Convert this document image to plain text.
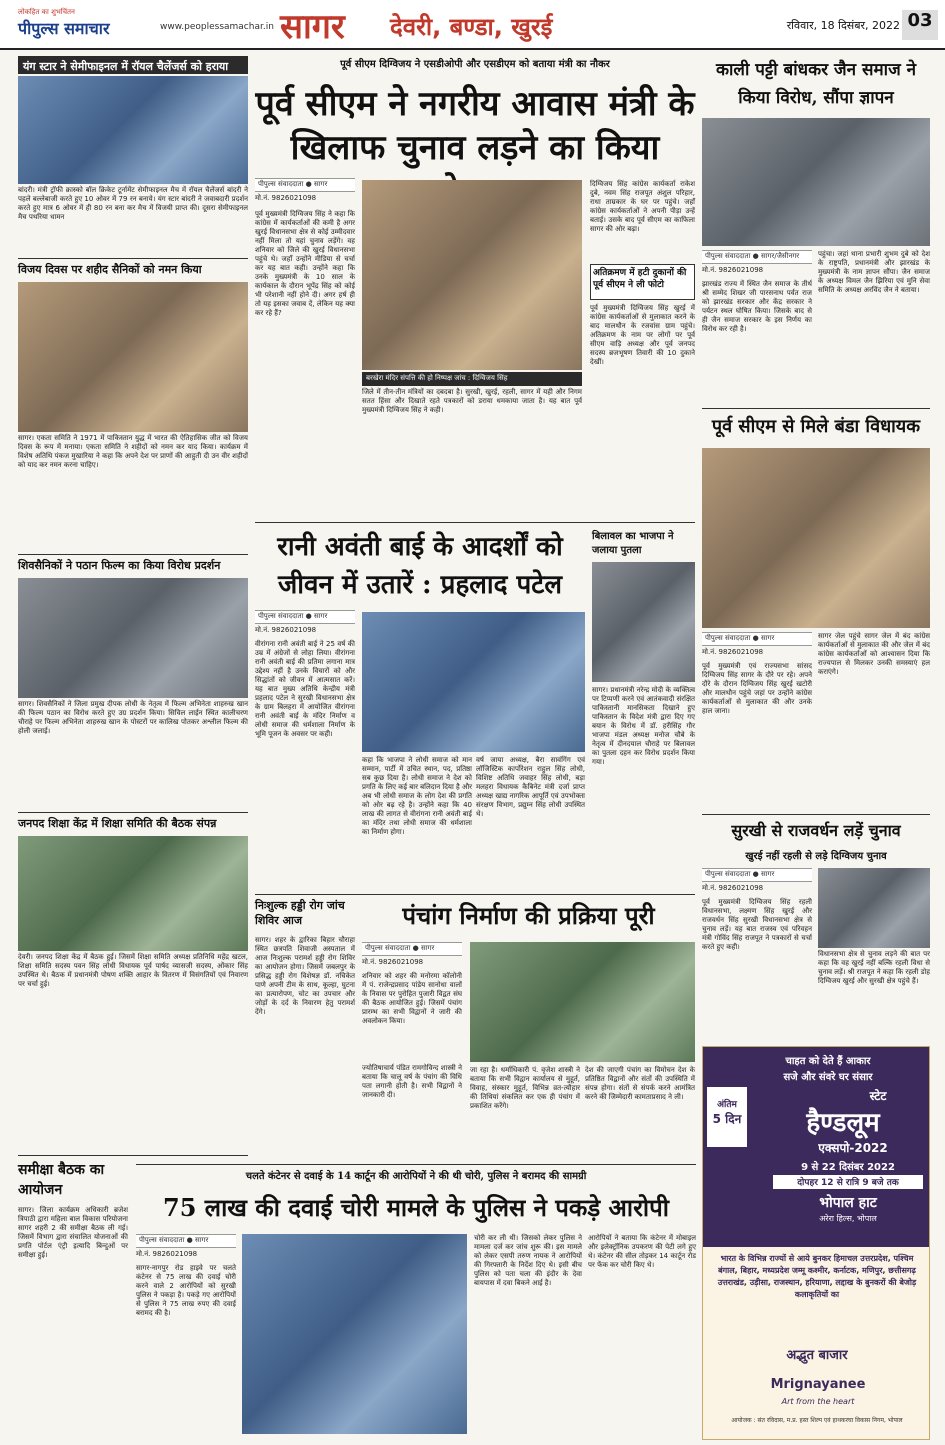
लोकहित का शुभचिंतन
पीपुल्स समाचार	www.peoplessamachar.in सागर	देवरी, बण्डा, खुरई	रविवार, 18 दिसंबर, 2022 03
यंग स्टार ने सेमीफाइनल में रॉयल चैलेंजर्स को हराया
बांदरी। मंत्री ट्रॉफी क्रास्को बॉल क्रिकेट टूर्नामेंट सेमीफाइनल मैच में रॉयल चैलेंजर्स बांदरी ने पहले बल्लेबाजी करते हुए 10 ओवर में 79 रन बनाये। यंग स्टार बांदरी ने जवाबदारी प्रदर्शन करते हुए मात्र 6 ओवर में ही 80 रन बना कर मैच में विजयी प्राप्त की। दूसरा सेमीफाइनल मैच पथरिया धामन
विजय दिवस पर शहीद सैनिकों को नमन किया
सागर। एकता समिति ने 1971 में पाकिस्तान युद्ध में भारत की ऐतिहासिक जीत को विजय दिवस के रूप में मनाया। एकता समिति ने शहीदों को नमन कर याद किया। कार्यक्रम में विशेष अतिथि पंकज मुखारिया ने कहा कि अपने देश पर प्राणों की आहुती दी उन वीर शहीदों को याद कर नमन करना चाहिए।
शिवसैनिकों ने पठान फिल्म का किया विरोध प्रदर्शन
सागर। शिवसैनिकों ने जिला प्रमुख दीपक लोधी के नेतृत्व में फिल्म अभिनेता शाहरुख खान की फिल्म पठान का विरोध करते हुए उग्र प्रदर्शन किया। सिविल लाईन स्थित कालीचरण चौराहे पर फिल्म अभिनेता शाहरुख खान के पोस्टरों पर कालिख पोतकर अश्लील फिल्म की होली जलाई।
जनपद शिक्षा केंद्र में शिक्षा समिति की बैठक संपन्न
देवरी। जनपद शिक्षा केंद्र में बैठक हुई। जिसमें शिक्षा समिति अध्यक्ष प्रतिनिधि महेंद्र खटल, शिक्षा समिति सदस्य पवन सिंह लोधी विधायक पूर्व पार्षद व्यासजी सदस्य, ओंकार सिंह उपस्थित थे। बैठक में प्रधानमंत्री पोषण शक्ति आहार के वितरण में विसंगतियों एवं निवारण पर चर्चा हुई।
समीक्षा बैठक का आयोजन
सागर। जिला कार्यक्रम अधिकारी ब्रजेश त्रिपाठी द्वारा महिला बाल विकास परियोजना सागर शहरी 2 की समीक्षा बैठक ली गई। जिसमें विभाग द्वारा संचालित योजनाओं की प्रगति पोर्टल एंट्री इत्यादि बिन्दुओं पर समीक्षा हुई।
पूर्व सीएम दिग्विजय ने एसडीओपी और एसडीएम को बताया मंत्री का नौकर
पूर्व सीएम ने नगरीय आवास मंत्री के खिलाफ चुनाव लड़ने का किया
पीपुल्स संवाददाता ● सागर
मो.नं. 9826021098
पूर्व मुख्यमंत्री दिग्विजय सिंह ने कहा कि कांग्रेस में कार्यकर्ताओं की कमी है अगर खुरई विधानसभा क्षेत्र से कोई उम्मीदवार नहीं मिला तो यहां चुनाव लड़ेंगे। वह शनिवार को जिले की खुरई विधानसभा पहुंचे थे। जहाँ उन्होंने मीडिया से चर्चा कर यह बात कही। उन्होंने कहा कि उनके मुख्यमंत्री के 10 साल के कार्यकाल के दौरान भूपेंद्र सिंह को कोई भी परेशानी नहीं होने दी। अगर हर्ष ही तो यह इसका जवाब दें, लेकिन यह क्या कर रहे हैं?
बरखेरा मंदिर संपत्ति की हो निष्पक्ष जांच : दिग्विजय सिंह
जिले में तीन-तीन मंत्रियों का दबदबा है। सुरखी, खुरई, रहली, सागर में यही और निगम सतत हिंसा और दिखाते रहते पत्रकारों को डराया धमकाया जाता है। यह बात पूर्व मुख्यमंत्री दिग्विजय सिंह ने कही।
दिग्विजय सिंह कांग्रेस कार्यकर्ता राकेश दुबे, नवम सिंह राजपूत अंशुल परिहार, राधा ताम्रकार के घर पर पहुंचे। जहाँ कांग्रेस कार्यकर्ताओं ने अपनी पीड़ा उन्हें बताई। उसके बाद पूर्व सीएम का काफिला सागर की ओर बढ़ा।
अतिक्रमण में हटी दुकानों की पूर्व सीएम ने ली फोटो
पूर्व मुख्यमंत्री दिग्विजय सिंह खुरई में कांग्रेस कार्यकर्ताओं से मुलाकात करने के बाद मालथौन के रजवांस ग्राम पहुंचे। अतिक्रमण के नाम पर लोगों पर पूर्व सीएम वाड़ि अध्यक्ष और पूर्व जनपद सदस्य ब्रजभूषण तिवारी की 10 दुकाने देखीं।
रानी अवंती बाई के आदर्शों को जीवन में उतारें : प्रहलाद पटेल
पीपुल्स संवाददाता ● सागर
मो.नं. 9826021098
वीरांगना रानी अवंती बाई ने 25 वर्ष की उम्र में अंग्रेजों से लोहा लिया। वीरांगना रानी अवंती बाई की प्रतिमा लगाना मात्र उद्देश्य नहीं है उनके विचारों को और सिद्धांतों को जीवन में आत्मसात करें। यह बात मुख्य अतिथि केन्द्रीय मंत्री प्रहलाद पटेल ने सुरखी विधानसभा क्षेत्र के ग्राम बिलहरा में आयोजित वीरांगना रानी अवंती बाई के मंदिर निर्माण व लोधी समाज की धर्मशाला निर्माण के भूमि पूजन के अवसर पर कही।
कहा कि भाजपा ने लोधी समाज को मान सम्मान, पार्टी में उचित स्थान, पद, प्रतिष्ठा सब कुछ दिया है। लोधी समाज ने देश को प्रगति के लिए कई बार बलिदान दिया है और अब भी लोधी समाज के लोग देश की प्रगति को ओर बढ़ रहे है। उन्होंने कहा कि 40 लाख की लागत से वीरांगना रानी अवंती बाई का मंदिर तथा लोधी समाज की धर्मशाला का निर्माण होगा।
वर्ष जाया अध्यक्ष, बैरा सावंगिंग एवं लॉजिस्टिक कार्पोरेशन राहुल सिंह लोधी, विशिष्ट अतिथि जवाहर सिंह लोधी, बड़ा मलहरा विधायक कैबिनेट मंत्री दर्जा प्राप्त अध्यक्ष खाद्य नागरिक आपूर्ति एवं उपभोक्ता संरक्षण विभाग, प्रद्युम्न सिंह लोधी उपस्थित थे।
बिलावल का भाजपा ने जलाया पुतला
सागर। प्रधानमंत्री नरेन्द्र मोदी के व्यक्तित्व पर टिप्पणी करने एवं आतंकवादी संरक्षित पाकिस्तानी मानसिकता दिखाने हुए पाकिस्तान के विदेश मंत्री द्वारा दिए गए बयान के विरोध में डॉ. हरीसिंह गौर भाजपा मंडल अध्यक्ष मनोज चौबे के नेतृत्व में दीनदयाल चौराहे पर बिलावल का पुतला दहन कर विरोध प्रदर्शन किया गया।
निःशुल्क हड्डी रोग जांच शिविर आज
सागर। शहर के द्वारिका बिहार चौराहा स्थित छत्रपति शिवाजी अस्पताल में आज निःशुल्क परामर्श हड्डी रोग शिविर का आयोजन होगा। जिसमें जबलपुर के प्रसिद्ध हड्डी रोग विशेषज्ञ डॉ. नचिकेत पाणे अपनी टीम के साथ, कूल्हा, घुटना का प्रत्यारोपण, चोट का उपचार और जोड़ों के दर्द के निवारण हेतु परामर्श देंगे।
पंचांग निर्माण की प्रक्रिया पूरी
पीपुल्स संवाददाता ● सागर
मो.नं. 9826021098
शनिवार को शहर की मनोरमा कॉलोनी में पं. राजेन्द्रप्रसाद पांडेय सानोधा वालों के निवास पर पुरोहित पुजारी विद्वत संघ की बैठक आयोजित हुई। जिसमें पंचांग प्रारम्भ का सभी विद्वानों ने जारी की अवलोकन किया।
ज्योतिषाचार्य पंडित रामगोविन्द शास्त्री ने बताया कि चालू वर्ष के पंचांग की विधि पता लगानी होती है। सभी विद्वानों ने जानकारी दी।
जा रहा है। धर्माधिकारी पं. वृजेश शास्त्री ने बताया कि सभी विद्वान कार्यालय से मुहूर्त, विवाह, संस्कार मुहूर्त, विभिन्न व्रत-त्यौहार की तिथियां संकलित कर एक ही पंचांग में प्रकाशित करेंगे।
देश की जाएगी पंचांग का विमोचन देश के प्रतिष्ठित विद्वानों और संतों की उपस्थिति में संपन्न होगा। संतों से संपर्क करने आमंत्रित करने की जिम्मेदारी कामताप्रसाद ने ली।
चलते कंटेनर से दवाई के 14 कार्टून की आरोपियों ने की थी चोरी, पुलिस ने बरामद की सामग्री
75 लाख की दवाई चोरी मामले के पुलिस ने पकड़े आरोपी
पीपुल्स संवाददाता ● सागर
मो.नं. 9826021098
सागर-नागपुर रोड हाइवे पर चलते कंटेनर से 75 लाख की दवाई चोरी करने वाले 2 आरोपियों को सुरखी पुलिस ने पकड़ा है। पकड़े गए आरोपियों से पुलिस ने 75 लाख रुपए की दवाई बरामद की है।
चोरी कर ली थी। जिसको लेकर पुलिस ने मामला दर्ज कर जांच शुरू की। इस मामले को लेकर एसपी तरुण नायक ने आरोपियों की गिरफ्तारी के निर्देश दिए थे। इसी बीच पुलिस को पता चला की इंदौर के देवा बायपास में दवा बिकने आई है।
आरोपियों ने बताया कि कंटेनर में मोबाइल और इलेक्ट्रॉनिक उपकरण की पेटी लगे हुए थे। कंटेनर की सील तोड़कर 14 कार्टून रोड पर फेंक कर चोरी किए थे।
काली पट्टी बांधकर जैन समाज ने किया विरोध, सौंपा ज्ञापन
पीपुल्स संवाददाता ● सागर/जैसीनगर
मो.नं. 9826021098
झारखंड राज्य में स्थित जैन समाज के तीर्थ श्री सम्मेद शिखर जी पारसनाथ पर्वत राज को झारखंड सरकार और केंद्र सरकार ने पर्यटन स्थल घोषित किया। जिसके बाद से ही जैन समाज सरकार के इस निर्णय का विरोध कर रही है।
पहुंचा। जहां थाना प्रभारी शुभम दुबे को देश के राष्ट्रपति, प्रधानमंत्री और झारखंड के मुख्यमंत्री के नाम ज्ञापन सौंपा। जैन समाज के अध्यक्ष विमल जैन झिरिया एवं मुनि सेवा समिति के अध्यक्ष अरविंद जैन ने बताया।
पूर्व सीएम से मिले बंडा विधायक
पीपुल्स संवाददाता ● सागर
मो.नं. 9826021098
पूर्व मुख्यमंत्री एवं राज्यसभा सांसद दिग्विजय सिंह सागर के दौरे पर रहे। अपने दौरे के दौरान दिग्विजय सिंह खुरई खटोरी और मालथौन पहुंचे जहां पर उन्होंने कांग्रेस कार्यकर्ताओं से मुलाकात की और उनके हाल जाना।
सागर जेल पहुंचे सागर जेल में बंद कांग्रेस कार्यकर्ताओं से मुलाकात की और जेल में बंद कांग्रेस कार्यकर्ताओं को आश्वासन दिया कि राज्यपाल से मिलकर उनकी समस्याएं हल कराएंगे।
सुरखी से राजवर्धन लड़ें चुनाव
खुरई नहीं रहली से लड़े दिग्विजय चुनाव
पीपुल्स संवाददाता ● सागर
मो.नं. 9826021098
पूर्व मुख्यमंत्री दिग्विजय सिंह रहली विधानसभा, लक्ष्मण सिंह खुरई और राजवर्धन सिंह सुरखी विधानसभा क्षेत्र से चुनाव लड़ें। यह बात राजस्व एवं परिवहन मंत्री गोविंद सिंह राजपूत ने पत्रकारों से चर्चा करते हुए कही।
विधानसभा क्षेत्र से चुनाव लड़ने की बात पर कहा कि वह खुरई नहीं बल्कि रहली विधा से चुनाव लड़ें। श्री राजपूत ने कहा कि रहली डोह दिग्विजय खुरई और सुरखी क्षेत्र पहुंचे हैं।
चाहत को देते हैं आकार
सजे और संवरे घर संसार
स्टेट
हैण्डलूम
एक्सपो-2022
अंतिम
5 दिन
9 से 22 दिसंबर 2022
दोपहर 12 से रात्रि 9 बजे तक
भोपाल हाट
अरेरा हिल्स, भोपाल
भारत के विभिन्न राज्यों से आये बुनकर हिमाचल उत्तरप्रदेश, पश्चिम बंगाल, बिहार, मध्यप्रदेश जम्मू कश्मीर, कर्नाटक, मणिपुर, छत्तीसगढ़ उत्तराखंड, उड़ीसा, राजस्थान, हरियाणा, लद्दाख के बुनकरों की बेजोड़ कलाकृतियों का
अद्भुत बाजार
Mrignayanee
Art from the heart
आयोजक : संत रविदास, म.प्र. हस्त शिल्प एवं हाथकरघा विकास निगम, भोपाल
